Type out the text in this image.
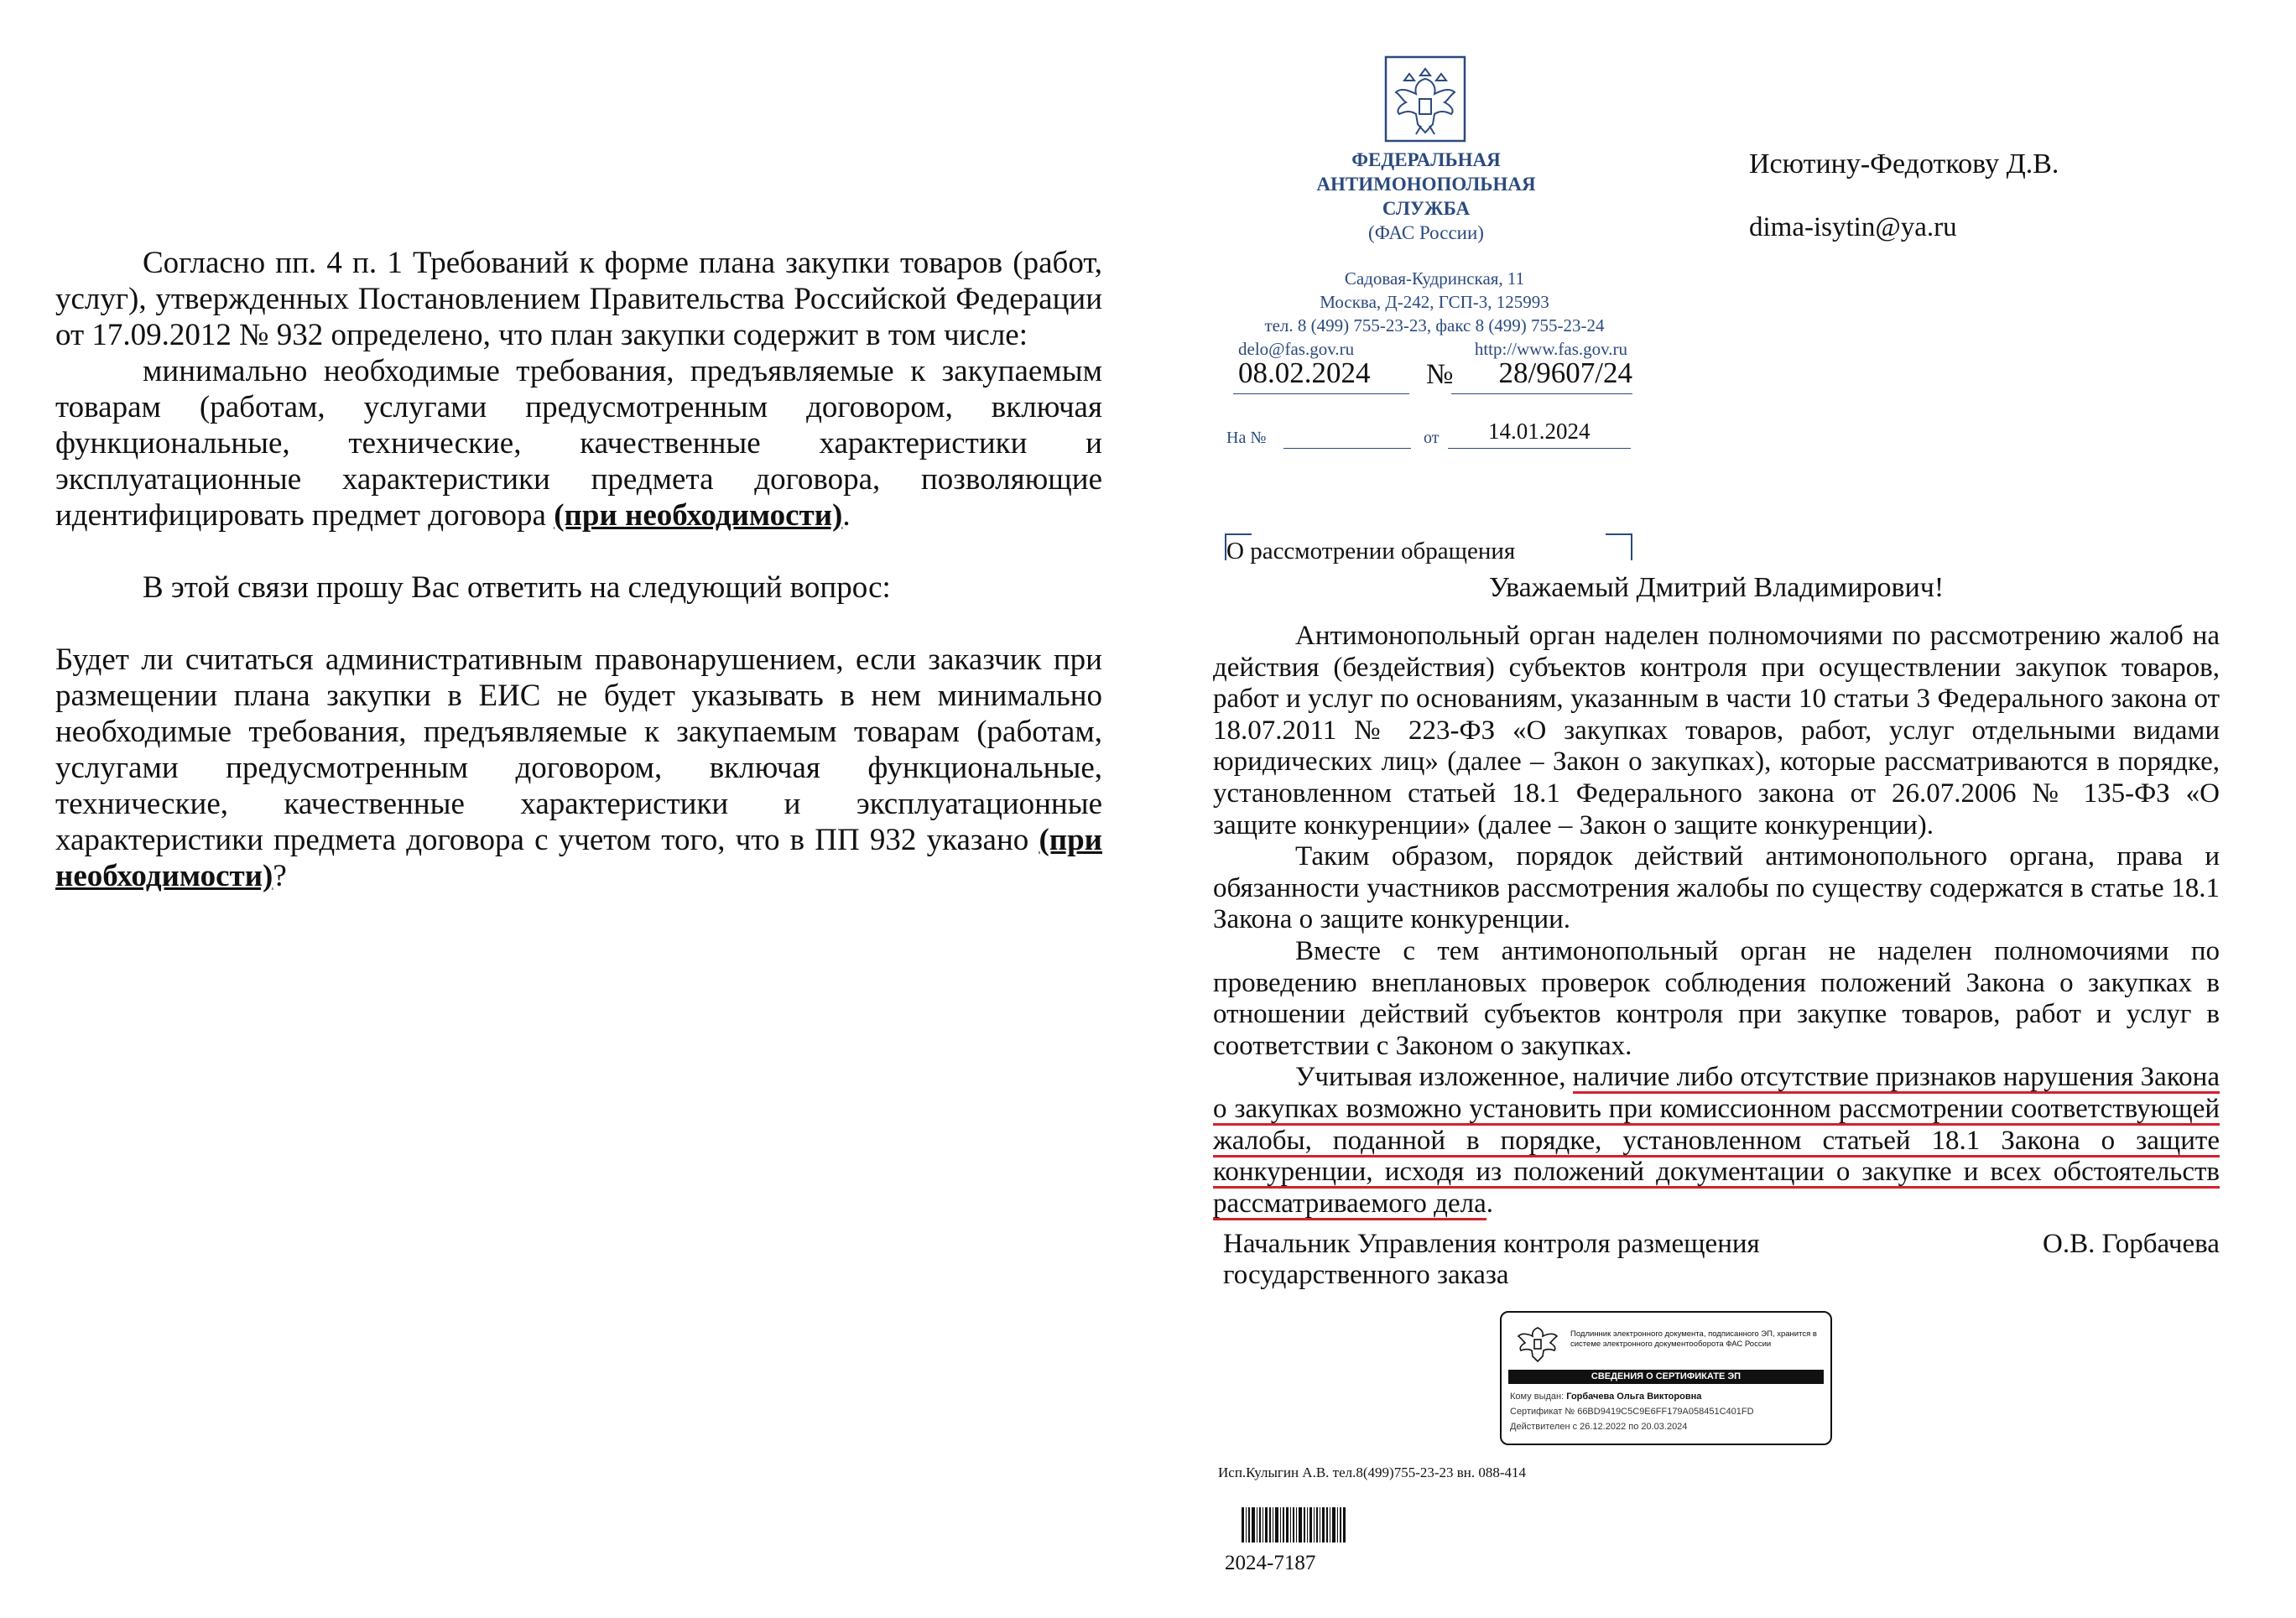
Согласно пп. 4 п. 1 Требований к форме плана закупки товаров (работ, услуг), утвержденных Постановлением Правительства Российской Федерации от 17.09.2012 № 932 определено, что план закупки содержит в том числе:

минимально необходимые требования, предъявляемые к закупаемым товарам (работам, услугами предусмотренным договором, включая функциональные, технические, качественные характеристики и эксплуатационные характеристики предмета договора, позволяющие идентифицировать предмет договора (при необходимости).

В этой связи прошу Вас ответить на следующий вопрос:

Будет ли считаться административным правонарушением, если заказчик при размещении плана закупки в ЕИС не будет указывать в нем минимально необходимые требования, предъявляемые к закупаемым товарам (работам, услугами предусмотренным договором, включая функциональные, технические, качественные характеристики и эксплуатационные характеристики предмета договора с учетом того, что в ПП 932 указано (при необходимости)?

ФЕДЕРАЛЬНАЯ
АНТИМОНОПОЛЬНАЯ
СЛУЖБА
(ФАС России)
Садовая-Кудринская, 11
Москва, Д-242, ГСП-3, 125993
тел. 8 (499) 755-23-23, факс 8 (499) 755-23-24
delo@fas.gov.ru	http://www.fas.gov.ru
08.02.2024 № 28/9607/24
На №	от 14.01.2024
Исютину-Федоткову Д.В.
dima-isytin@ya.ru
О рассмотрении обращения
Уважаемый Дмитрий Владимирович!

Антимонопольный орган наделен полномочиями по рассмотрению жалоб на действия (бездействия) субъектов контроля при осуществлении закупок товаров, работ и услуг по основаниям, указанным в части 10 статьи 3 Федерального закона от 18.07.2011 № 223-ФЗ «О закупках товаров, работ, услуг отдельными видами юридических лиц» (далее – Закон о закупках), которые рассматриваются в порядке, установленном статьей 18.1 Федерального закона от 26.07.2006 № 135-ФЗ «О защите конкуренции» (далее – Закон о защите конкуренции).

Таким образом, порядок действий антимонопольного органа, права и обязанности участников рассмотрения жалобы по существу содержатся в статье 18.1 Закона о защите конкуренции.

Вместе с тем антимонопольный орган не наделен полномочиями по проведению внеплановых проверок соблюдения положений Закона о закупках в отношении действий субъектов контроля при закупке товаров, работ и услуг в соответствии с Законом о закупках.

Учитывая изложенное, наличие либо отсутствие признаков нарушения Закона о закупках возможно установить при комиссионном рассмотрении соответствующей жалобы, поданной в порядке, установленном статьей 18.1 Закона о защите конкуренции, исходя из положений документации о закупке и всех обстоятельств рассматриваемого дела.

Начальник Управления контроля размещения
государственного заказа
О.В. Горбачева
Подлинник электронного документа, подписанного ЭП, хранится в системе электронного документооборота ФАС России
СВЕДЕНИЯ О СЕРТИФИКАТЕ ЭП
Кому выдан: Горбачева Ольга Викторовна
Сертификат № 66BD9419C5C9E6FF179A058451C401FD
Действителен с 26.12.2022 по 20.03.2024
Исп.Кулыгин А.В. тел.8(499)755-23-23 вн. 088-414
2024-7187
